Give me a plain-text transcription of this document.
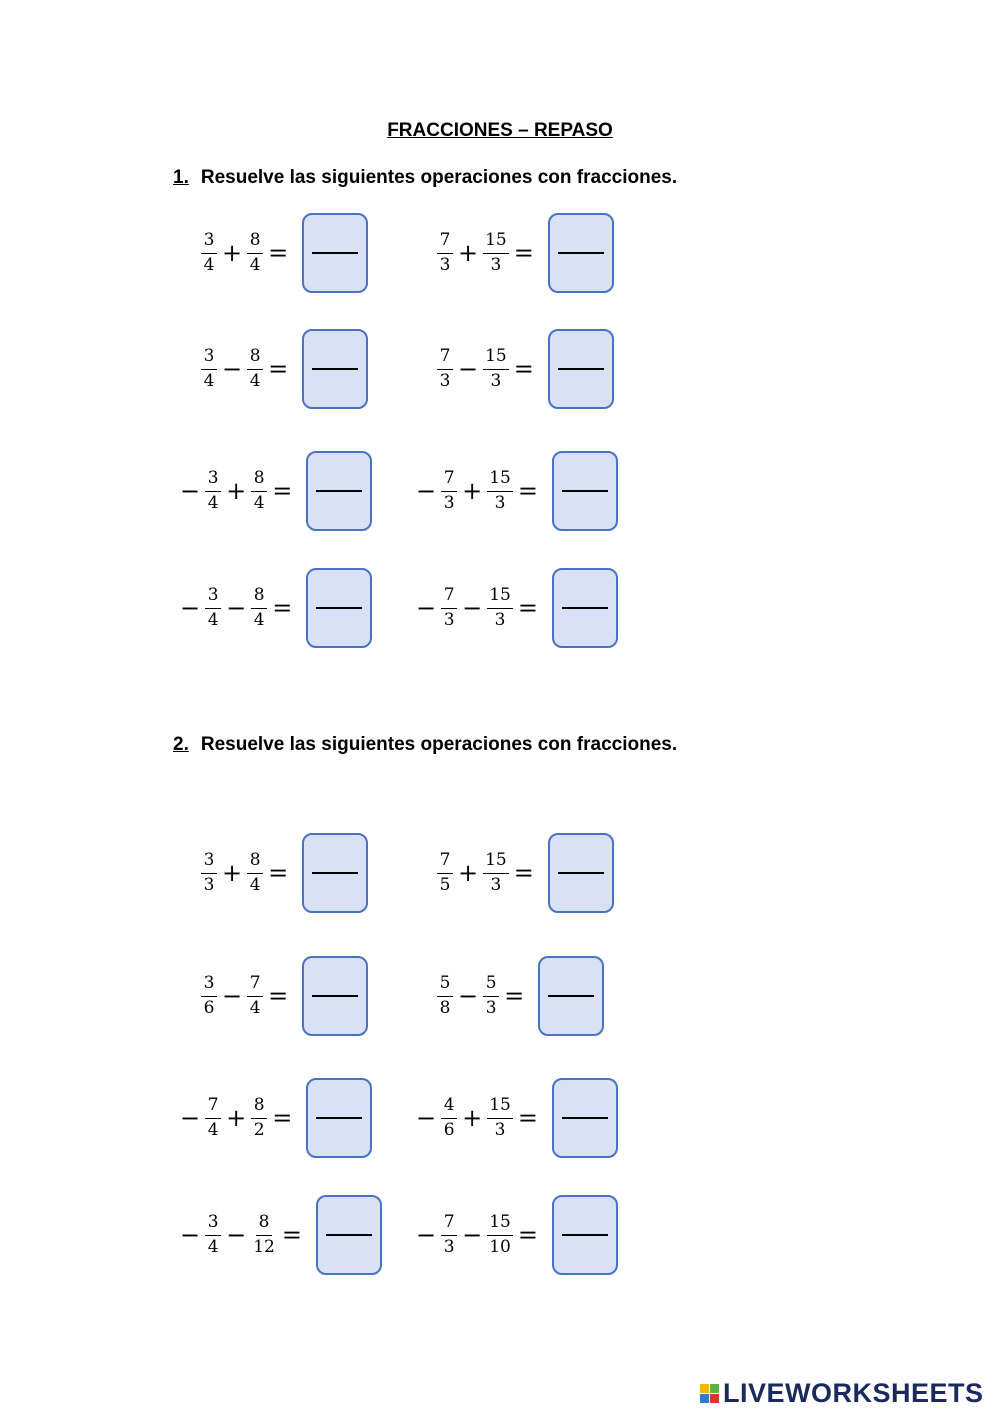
FRACCIONES – REPASO
1. Resuelve las siguientes operaciones con fracciones.
2. Resuelve las siguientes operaciones con fracciones.
$\frac{3}{4} + \frac{8}{4}$ =	$\frac{7}{3} + \frac{15}{3}$ =
$\frac{3}{4} - \frac{8}{4}$ =	$\frac{7}{3} - \frac{15}{3}$ =
− $\frac{3}{4} + \frac{8}{4}$ =	− $\frac{7}{3} + \frac{15}{3}$ =
− $\frac{3}{4} - \frac{8}{4}$ =	− $\frac{7}{3} - \frac{15}{3}$ =
$\frac{3}{3} + \frac{8}{4}$ =	$\frac{7}{5} + \frac{15}{3}$ =
$\frac{3}{6} - \frac{7}{4}$ =	$\frac{5}{8} - \frac{5}{3}$ =
− $\frac{7}{4} + \frac{8}{2}$ =	− $\frac{4}{6} + \frac{15}{3}$ =
− $\frac{3}{4} - \frac{8}{12}$ =	− $\frac{7}{3} - \frac{15}{10}$ =
LIVEWORKSHEETS
